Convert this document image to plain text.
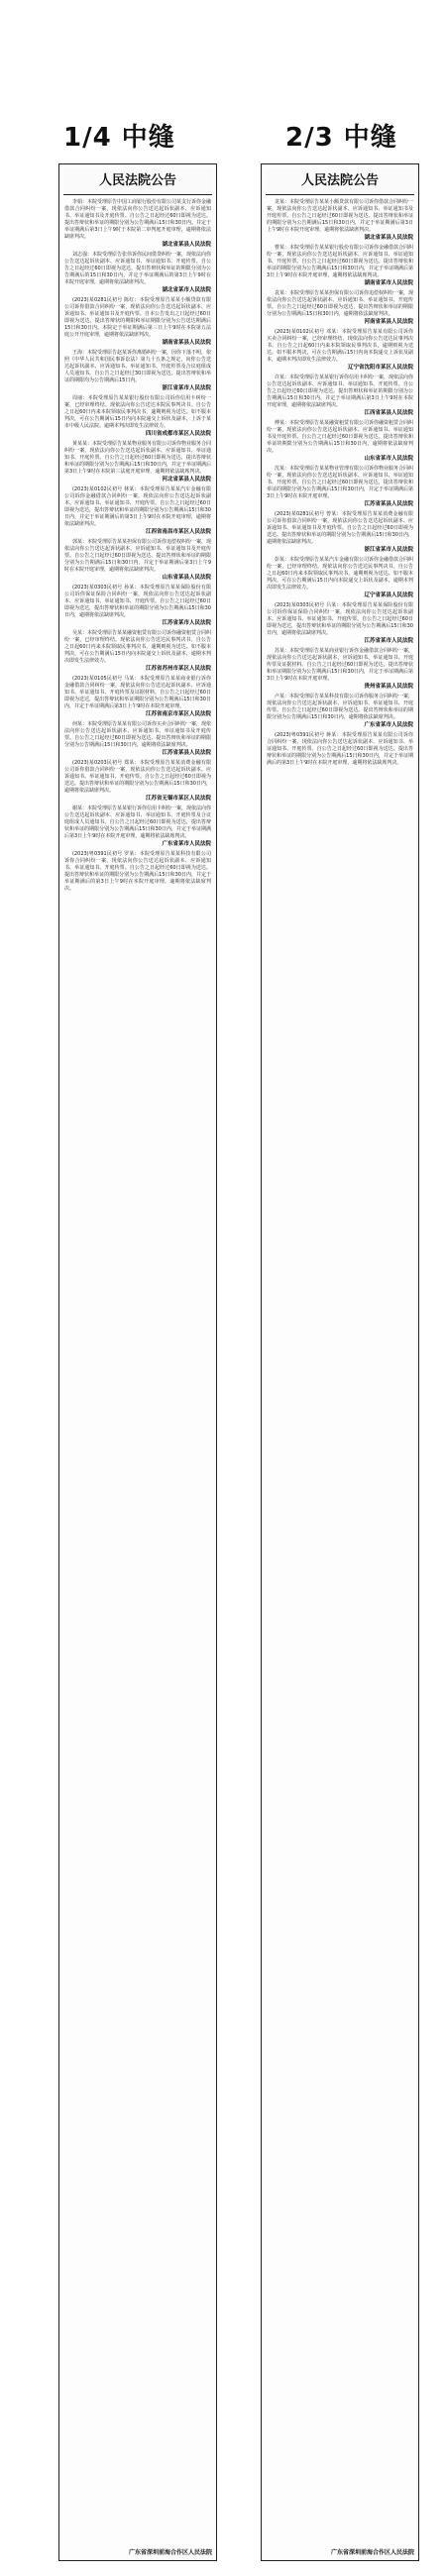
1/4 中缝	2/3 中缝
人民法院公告

李娟：本院受理原告中国工商银行股份有限公司某支行诉你金融借款合同纠纷一案，现依法向你公告送达起诉状副本、应诉通知书、举证通知书及开庭传票。自公告之日起经过60日即视为送达。提出答辩状和举证的期限分别为公告期满后15日和30日内。并定于举证期满后第3日上午9时于本院第二审判庭开庭审理，逾期将依法缺席判决。

湖北省某县人民法院

刘志强：本院受理原告张伟诉你民间借贷纠纷一案，现依法向你公告送达起诉状副本、应诉通知书、举证通知书、开庭传票。自公告之日起经过60日即视为送达，提出答辩状和举证的期限分别为公告期满后的15日和30日内，并定于举证期满后的第3日上午9时在本院开庭审理，逾期将依法缺席判决。

湖北省某市人民法院

(2023)某0281民初号 陈红：本院受理原告某某小额贷款有限公司诉你借款合同纠纷一案，现依法向你公告送达起诉状副本、应诉通知书、举证通知书及开庭传票。自本公告发出之日起经过60日即视为送达。提出答辩状的期限和举证期限分别为公告送达期满后15日和30日内。本院定于举证期满后第三日上午9时在本院第五法庭公开开庭审理，逾期将依法缺席判决。

湖南省某县人民法院

王海：本院受理原告赵某诉你离婚纠纷一案，因你下落不明，依照《中华人民共和国民事诉讼法》第九十五条之规定，向你公告送达起诉状副本、应诉通知书、举证通知书、开庭传票及合议庭组成人员通知书。自公告之日起经过30日即视为送达。提出答辩状和举证的期限均为公告期满后15日内。

浙江省某市人民法院

周丽：本院受理原告某某银行股份有限公司诉你信用卡纠纷一案，已经审理终结。现依法向你公告送达本院民事判决书。自公告之日起60日内来本院领取民事判决书，逾期则视为送达。如不服本判决，可在公告期满后15日内向本院递交上诉状及副本，上诉于某市中级人民法院。逾期本判决即发生法律效力。

四川省成都市某区人民法院

黄某某：本院受理原告某某物业服务有限公司诉你物业服务合同纠纷一案，现依法向你公告送达起诉状副本、应诉通知书、举证通知书、开庭传票。自公告之日起经过60日即视为送达，提出答辩状和举证的期限分别为公告期满后15日和30日内，并定于举证期满后第3日上午9时在本院第三法庭开庭审理，逾期将依法缺席判决。

河北省某县人民法院

(2023)某0102民初号 林某：本院受理原告某某汽车金融有限公司诉你金融借款合同纠纷一案，现依法向你公告送达起诉状副本、应诉通知书、举证通知书、开庭传票。自公告之日起经过60日即视为送达，提出答辩状和举证的期限分别为公告期满后15日和30日内，并定于举证期满后的第3日上午9时在本院开庭审理，逾期将依法缺席判决。

江西省南昌市某区人民法院

郭某：本院受理原告某某担保有限公司诉你追偿权纠纷一案，现依法向你公告送达起诉状副本、应诉通知书、举证通知书及开庭传票。自公告之日起经过60日即视为送达。提出答辩状和举证的期限分别为公告期满后15日和30日内，并定于举证期满后第3日上午9时在本院开庭审理，逾期将依法缺席判决。

山东省某县人民法院

(2023)某0303民初号 孙某：本院受理原告某某保险股份有限公司诉你保证保险合同纠纷一案，现依法向你公告送达起诉状副本、应诉通知书、举证通知书、开庭传票。自公告之日起经过60日即视为送达，提出答辩状和举证的期限分别为公告期满后15日和30日内，逾期将依法缺席判决。

江苏省某市人民法院

吴某：本院受理原告某某融资租赁有限公司诉你融资租赁合同纠纷一案，已经审理终结。现依法向你公告送达民事判决书。自公告之日起60日内来本院领取民事判决书，逾期则视为送达。如不服本判决，可在公告期满后15日内向本院递交上诉状及副本，逾期本判决即发生法律效力。

江苏省苏州市某区人民法院

(2023)某0105民初号 马某：本院受理原告某某商业银行诉你金融借款合同纠纷一案，现依法向你公告送达起诉状副本、应诉通知书、举证通知书、开庭传票及证据材料。自公告之日起经过60日即视为送达，提出答辩状和举证期限分别为公告期满后15日和30日内，并定于举证期满后第3日上午9时在本院开庭审理。

江苏省南京市某区人民法院

何某：本院受理原告某某有限公司诉你买卖合同纠纷一案，现依法向你公告送达起诉状副本、应诉通知书、举证通知书及开庭传票。自公告之日起经过60日即视为送达。提出答辩状和举证的期限分别为公告期满后15日和30日内，逾期将依法缺席判决。

江苏省某县人民法院

(2023)某0203民初号 郑某：本院受理原告某某消费金融有限公司诉你借款合同纠纷一案，现依法向你公告送达起诉状副本、应诉通知书、举证通知书、开庭传票。自公告之日起经过60日即视为送达。提出答辩状和举证的期限分别为公告期满后15日和30日内，逾期将依法缺席判决。

江苏省无锡市某区人民法院

谢某：本院受理原告某某银行诉你信用卡纠纷一案，现依法向你公告送达起诉状副本、应诉通知书、举证通知书、开庭传票及合议庭组成人员通知书。自公告之日起经过60日即视为送达，提出答辩状和举证的期限分别为公告期满后15日和30日内，并定于举证期满后第3日上午9时在本院开庭审理，逾期将依法缺席判决。

广东省某市人民法院

(2023)粤0391民初号 罗某：本院受理原告某某科技有限公司诉你合同纠纷一案，现依法向你公告送达起诉状副本、应诉通知书、举证通知书、开庭传票。自公告之日起经过60日即视为送达。提出答辩状和举证的期限分别为公告期满后15日和30日内，并定于举证期满后的第3日上午9时在本院开庭审理，逾期将依法缺席判决。

广东省深圳前海合作区人民法院
人民法院公告

龙某：本院受理原告某某小额贷款有限公司诉你借款合同纠纷一案，现依法向你公告送达起诉状副本、应诉通知书、举证通知书及开庭传票。自公告之日起经过60日即视为送达。提出答辩状和举证的期限分别为公告期满后15日和30日内，并定于举证期满后第3日上午9时在本院开庭审理，逾期将依法缺席判决。

湖北省某县人民法院

曹某：本院受理原告某某银行股份有限公司诉你金融借款合同纠纷一案，现依法向你公告送达起诉状副本、应诉通知书、举证通知书、开庭传票。自公告之日起经过60日即视为送达。提出答辩状和举证的期限分别为公告期满后15日和30日内，并定于举证期满后第3日上午9时在本院开庭审理，逾期将依法缺席判决。

湖南省某市人民法院

袁某：本院受理原告某某担保有限公司诉你追偿权纠纷一案，现依法向你公告送达起诉状副本、应诉通知书、举证通知书、开庭传票。自公告之日起经过60日即视为送达，提出答辩状和举证的期限分别为公告期满后15日和30日内，逾期将依法缺席判决。

河南省某县人民法院

(2023)某0102民初号 邓某：本院受理原告某某有限公司诉你买卖合同纠纷一案，已经审理终结。现依法向你公告送达民事判决书。自公告之日起60日内来本院领取民事判决书，逾期则视为送达。如不服本判决，可在公告期满后15日内向本院递交上诉状及副本，逾期本判决即发生法律效力。

辽宁省沈阳市某区人民法院

许某：本院受理原告某某银行诉你信用卡纠纷一案，现依法向你公告送达起诉状副本、应诉通知书、举证通知书、开庭传票。自公告之日起经过60日即视为送达。提出答辩状和举证的期限分别为公告期满后15日和30日内，并定于举证期满后第3日上午9时在本院开庭审理，逾期将依法缺席判决。

江西省某县人民法院

傅某：本院受理原告某某融资租赁有限公司诉你融资租赁合同纠纷一案，现依法向你公告送达起诉状副本、应诉通知书、举证通知书及开庭传票。自公告之日起经过60日即视为送达。提出答辩状和举证的期限分别为公告期满后15日和30日内，逾期将依法缺席判决。

山东省某市人民法院

沈某：本院受理原告某某物业管理有限公司诉你物业服务合同纠纷一案，现依法向你公告送达起诉状副本、应诉通知书、举证通知书、开庭传票。自公告之日起经过60日即视为送达，提出答辩状和举证的期限分别为公告期满后15日和30日内，并定于举证期满后第3日上午9时在本院开庭审理。

江苏省某县人民法院

(2023)某0281民初号 曾某：本院受理原告某某消费金融有限公司诉你借款合同纠纷一案，现依法向你公告送达起诉状副本、应诉通知书、举证通知书及开庭传票。自公告之日起经过60日即视为送达。提出答辩状和举证的期限分别为公告期满后15日和30日内，逾期将依法缺席判决。

浙江省某市人民法院

彭某：本院受理原告某某汽车金融有限公司诉你金融借款合同纠纷一案，已经审理终结。现依法向你公告送达民事判决书。自公告之日起60日内来本院领取民事判决书，逾期则视为送达。如不服本判决，可在公告期满后15日内向本院递交上诉状及副本，逾期本判决即发生法律效力。

辽宁省某县人民法院

(2023)某0303民初号 吕某：本院受理原告某某保险股份有限公司诉你保证保险合同纠纷一案，现依法向你公告送达起诉状副本、应诉通知书、举证通知书、开庭传票。自公告之日起经过60日即视为送达，提出答辩状和举证的期限分别为公告期满后15日和30日内，逾期将依法缺席判决。

江苏省某市人民法院

苏某：本院受理原告某某商业银行诉你金融借款合同纠纷一案，现依法向你公告送达起诉状副本、应诉通知书、举证通知书、开庭传票及证据材料。自公告之日起经过60日即视为送达，提出答辩状和举证期限分别为公告期满后15日和30日内，并定于举证期满后第3日上午9时在本院开庭审理。

贵州省某县人民法院

卢某：本院受理原告某某科技有限公司诉你服务合同纠纷一案，现依法向你公告送达起诉状副本、应诉通知书、举证通知书、开庭传票。自公告之日起经过60日即视为送达。提出答辩状和举证的期限分别为公告期满后15日和30日内，逾期将依法缺席判决。

广东省某市人民法院

(2023)粤0391民初号 蒋某：本院受理原告某某有限公司诉你合同纠纷一案，现依法向你公告送达起诉状副本、应诉通知书、举证通知书、开庭传票。自公告之日起经过60日即视为送达。提出答辩状和举证的期限分别为公告期满后15日和30日内，并定于举证期满后的第3日上午9时在本院开庭审理，逾期将依法缺席判决。

广东省深圳前海合作区人民法院
